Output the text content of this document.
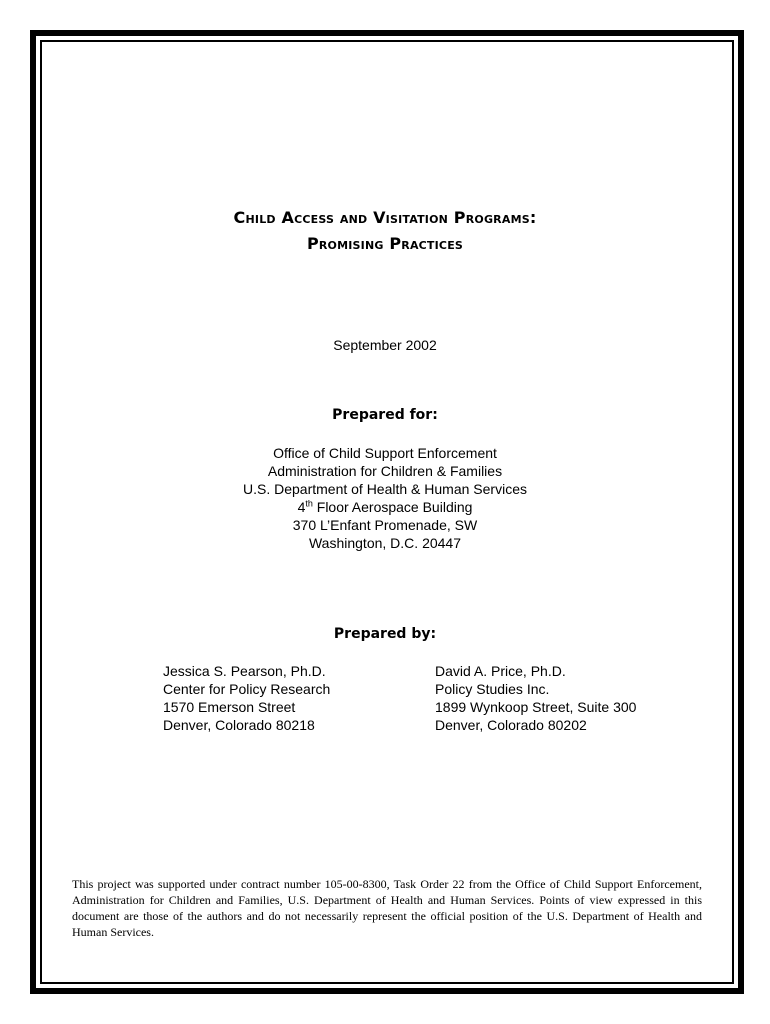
Child Access and Visitation Programs:
Promising Practices
September 2002
Prepared for:
Office of Child Support Enforcement
Administration for Children & Families
U.S. Department of Health & Human Services
4th Floor Aerospace Building
370 L’Enfant Promenade, SW
Washington, D.C. 20447
Prepared by:
Jessica S. Pearson, Ph.D.
Center for Policy Research
1570 Emerson Street
Denver, Colorado 80218
David A. Price, Ph.D.
Policy Studies Inc.
1899 Wynkoop Street, Suite 300
Denver, Colorado 80202
This project was supported under contract number 105-00-8300, Task Order 22 from the Office of Child Support Enforcement, Administration for Children and Families, U.S. Department of Health and Human Services. Points of view expressed in this document are those of the authors and do not necessarily represent the official position of the U.S. Department of Health and Human Services.
